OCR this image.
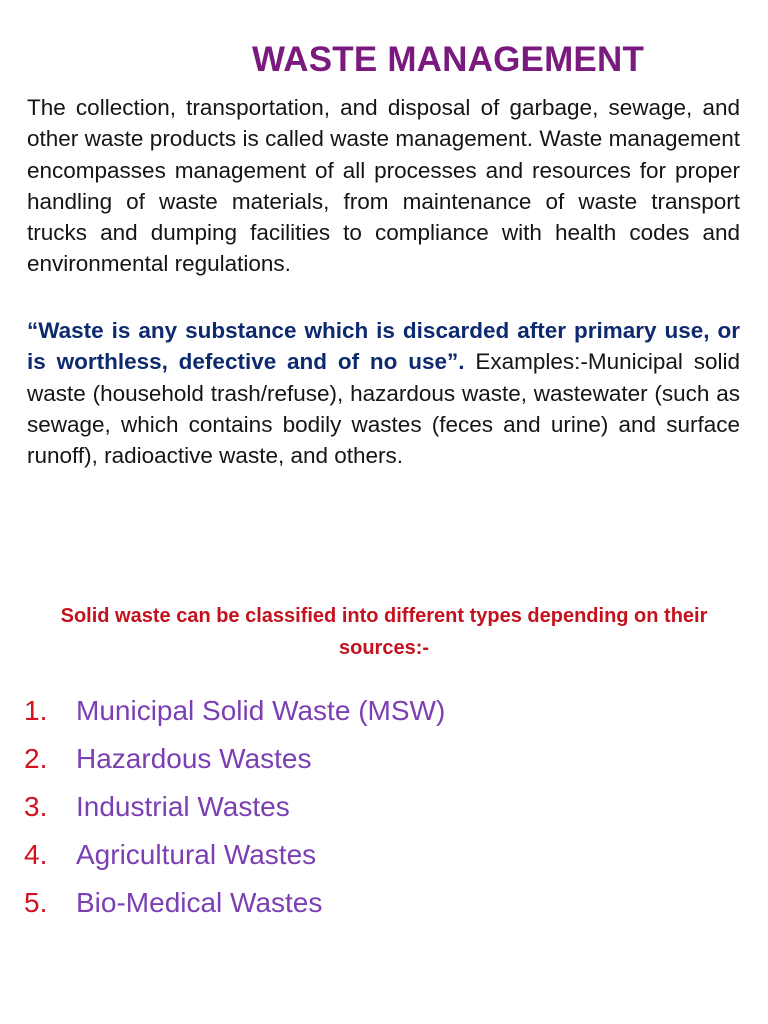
WASTE MANAGEMENT

The collection, transportation, and disposal of garbage, sewage, and other waste products is called waste management. Waste management encompasses management of all processes and resources for proper handling of waste materials, from maintenance of waste transport trucks and dumping facilities to compliance with health codes and environmental regulations.

“Waste is any substance which is discarded after primary use, or is worthless, defective and of no use”. Examples:-Municipal solid waste (household trash/refuse), hazardous waste, wastewater (such as sewage, which contains bodily wastes (feces and urine) and surface runoff), radioactive waste, and others.
Solid waste can be classified into different types depending on their sources:-
1. Municipal Solid Waste (MSW)
2. Hazardous Wastes
3. Industrial Wastes
4. Agricultural Wastes
5. Bio-Medical Wastes
